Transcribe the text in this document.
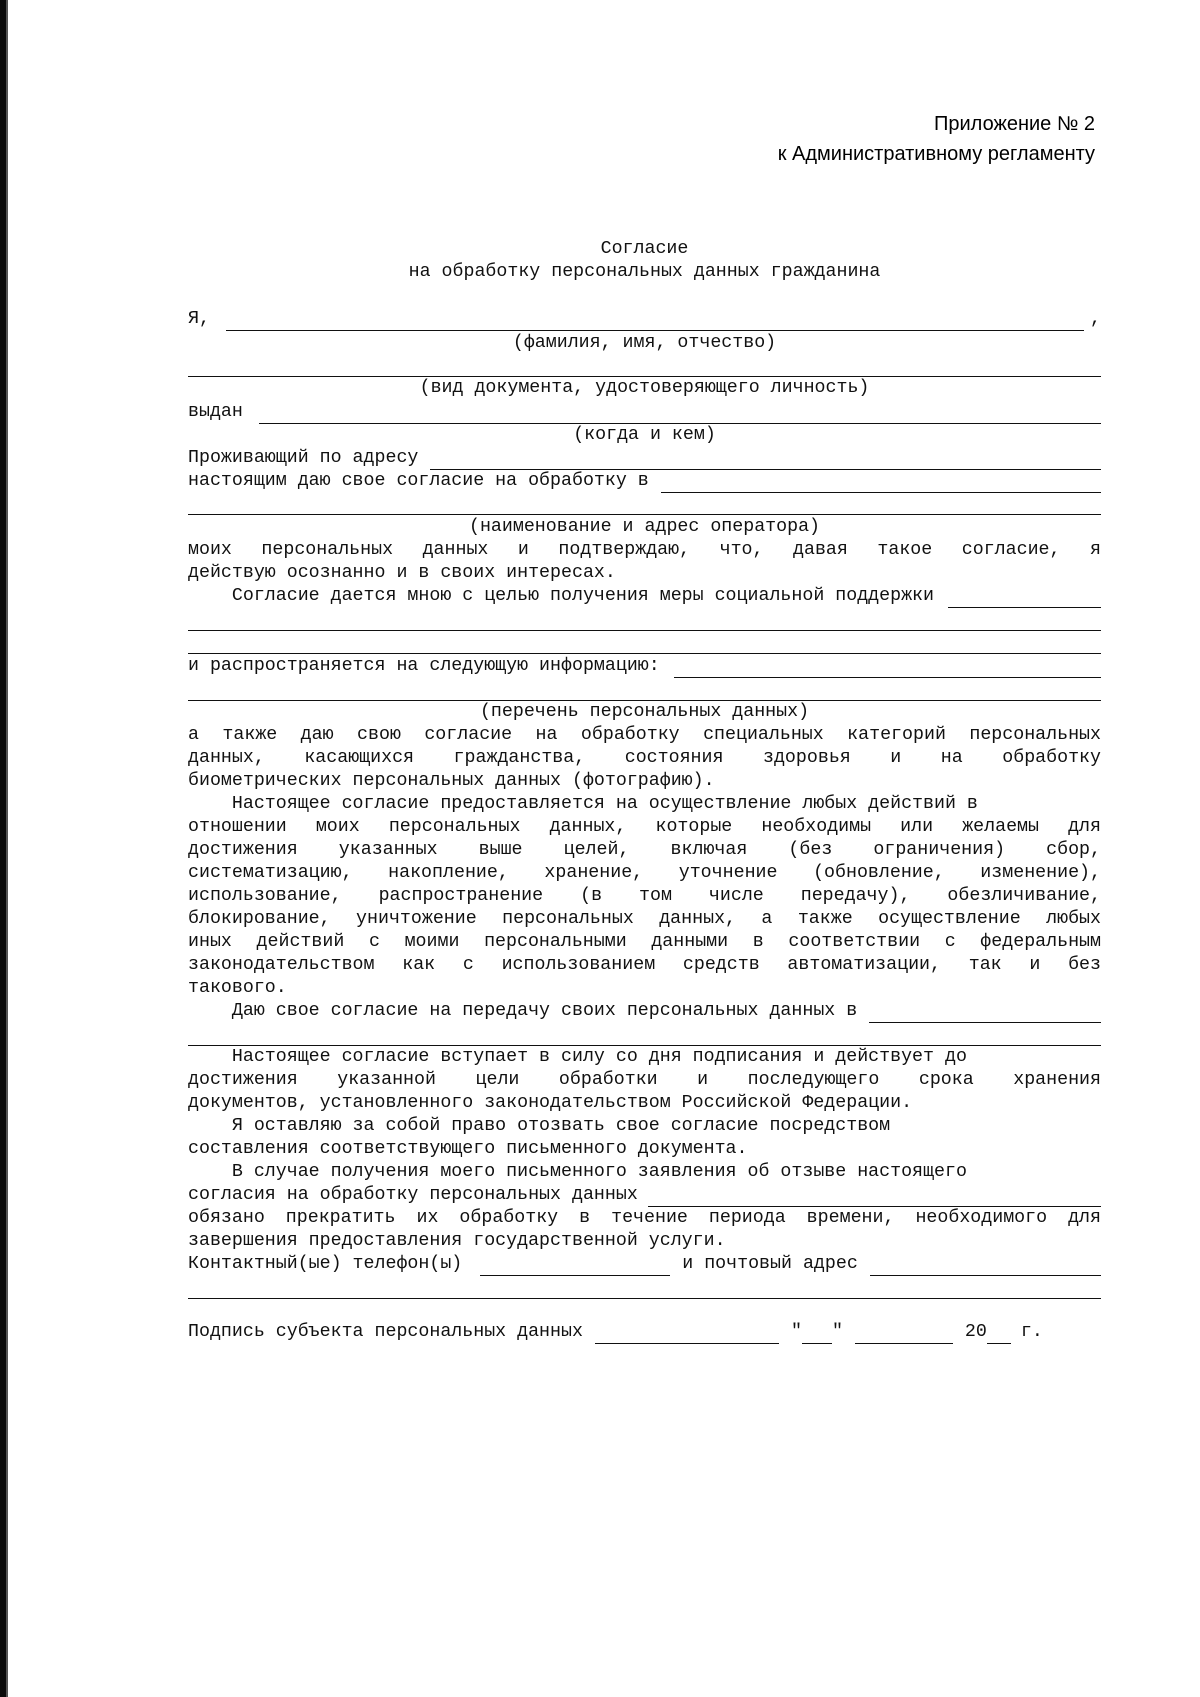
Приложение № 2
к Административному регламенту
Согласие
на обработку персональных данных гражданина
Я,	,
(фамилия, имя, отчество)
(вид документа, удостоверяющего личность)
выдан
(когда и кем)
Проживающий по адресу
настоящим даю свое согласие на обработку в
(наименование и адрес оператора)
моих персональных данных и подтверждаю, что, давая такое согласие, я
действую осознанно и в своих интересах.
Согласие дается мною с целью получения меры социальной поддержки
и распространяется на следующую информацию:
(перечень персональных данных)
а также даю свою согласие на обработку специальных категорий персональных
данных, касающихся гражданства, состояния здоровья и на обработку
биометрических персональных данных (фотографию).
Настоящее согласие предоставляется на осуществление любых действий в
отношении моих персональных данных, которые необходимы или желаемы для
достижения указанных выше целей, включая (без ограничения) сбор,
систематизацию, накопление, хранение, уточнение (обновление, изменение),
использование, распространение (в том числе передачу), обезличивание,
блокирование, уничтожение персональных данных, а также осуществление любых
иных действий с моими персональными данными в соответствии с федеральным
законодательством как с использованием средств автоматизации, так и без
такового.
Даю свое согласие на передачу своих персональных данных в
Настоящее согласие вступает в силу со дня подписания и действует до
достижения указанной цели обработки и последующего срока хранения
документов, установленного законодательством Российской Федерации.
Я оставляю за собой право отозвать свое согласие посредством
составления соответствующего письменного документа.
В случае получения моего письменного заявления об отзыве настоящего
согласия на обработку персональных данных
обязано прекратить их обработку в течение периода времени, необходимого для
завершения предоставления государственной услуги.
Контактный(ые) телефон(ы)	и почтовый адрес
Подпись субъекта персональных данных	" "	20 г.
